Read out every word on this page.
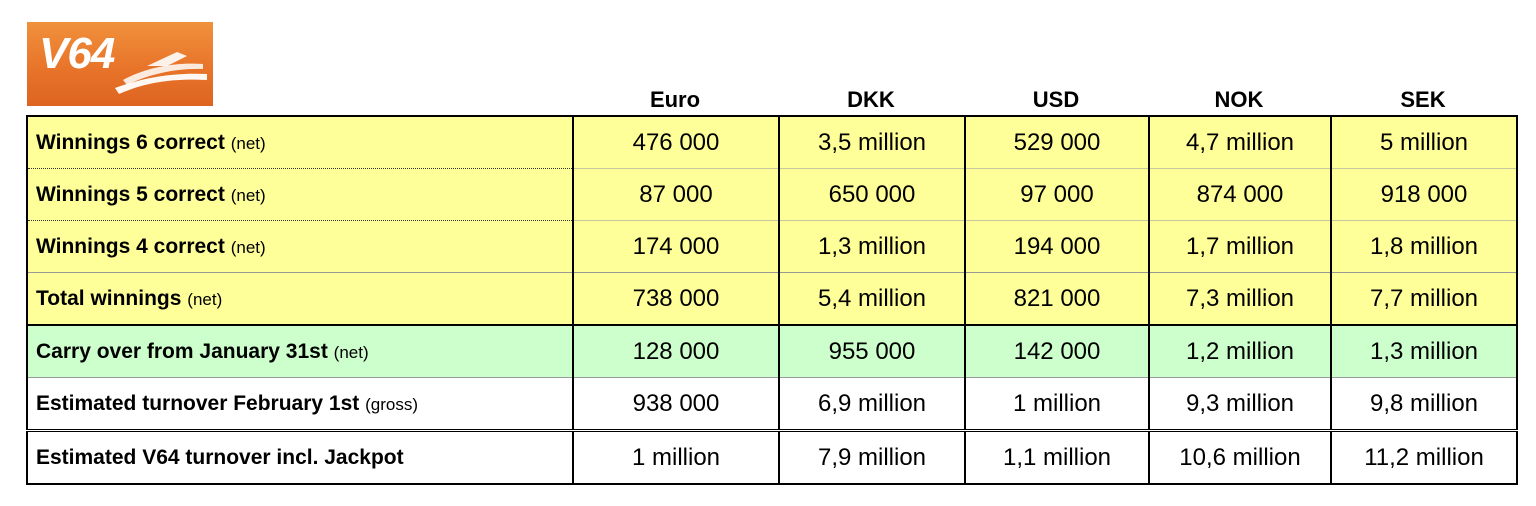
V64
Euro	DKK	USD	NOK	SEK
Winnings 6 correct (net)	476 000	3,5 million	529 000	4,7 million	5 million
Winnings 5 correct (net)	87 000	650 000	97 000	874 000	918 000
Winnings 4 correct (net)	174 000	1,3 million	194 000	1,7 million	1,8 million
Total winnings (net)	738 000	5,4 million	821 000	7,3 million	7,7 million
Carry over from January 31st (net)	128 000	955 000	142 000	1,2 million	1,3 million
Estimated turnover February 1st (gross)	938 000	6,9 million	1 million	9,3 million	9,8 million
Estimated V64 turnover incl. Jackpot	1 million	7,9 million	1,1 million	10,6 million	11,2 million
